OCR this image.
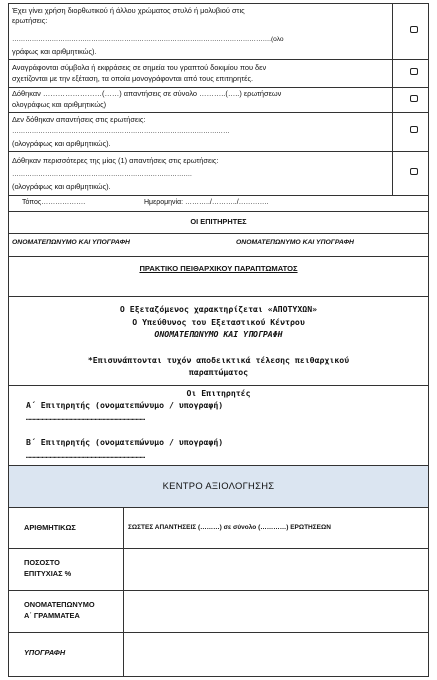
Έχει γίνει χρήση διορθωτικού ή άλλου χρώματος στυλό ή μολυβιού στις
ερωτήσεις:
……………………………………………………………………………………………………….(ολο
γράφως και αριθμητικώς).
Αναγράφονται σύμβολα ή εκφράσεις σε σημεία του γραπτού δοκιμίου που δεν
σχετίζονται με την εξέταση, τα οποία μονογράφονται από τους επιτηρητές.
Δόθηκαν ……………………(……) απαντήσεις σε σύνολο ………..(…..) ερωτήσεων
ολογράφως και αριθμητικώς)
Δεν δόθηκαν απαντήσεις στις ερωτήσεις:
………………………………………………………………………………………
(ολογράφως και αριθμητικώς).
Δόθηκαν περισσότερες της μίας (1) απαντήσεις στις ερωτήσεις:
……………………………………………………………………….
(ολογράφως και αριθμητικώς).
Τόπος……………….	Ημερομηνία: ………../………../………….
ΟΙ ΕΠΙΤΗΡΗΤΕΣ
ΟΝΟΜΑΤΕΠΩΝΥΜΟ ΚΑΙ ΥΠΟΓΡΑΦΗ	ΟΝΟΜΑΤΕΠΩΝΥΜΟ ΚΑΙ ΥΠΟΓΡΑΦΗ
ΠΡΑΚΤΙΚΟ ΠΕΙΘΑΡΧΙΚΟΥ ΠΑΡΑΠΤΩΜΑΤΟΣ
Ο Εξεταζόμενος χαρακτηρίζεται «ΑΠΟΤΥΧΩΝ»
Ο Υπεύθυνος του Εξεταστικού Κέντρου
ΟΝΟΜΑΤΕΠΩΝΥΜΟ ΚΑΙ ΥΠΟΓΡΑΦΗ
*Επισυνάπτονται τυχόν αποδεικτικά τέλεσης πειθαρχικού
παραπτώματος
Οι Επιτηρητές
Α΄ Επιτηρητής (ονοματεπώνυμο / υπογραφή)
………………………………………………………………………………
Β΄ Επιτηρητής (ονοματεπώνυμο / υπογραφή)
………………………………………………………………………………
ΚΕΝΤΡΟ ΑΞΙΟΛΟΓΗΣΗΣ
ΑΡΙΘΜΗΤΙΚΩΣ	ΣΩΣΤΕΣ ΑΠΑΝΤΗΣΕΙΣ (………) σε σύνολο (…………) ΕΡΩΤΗΣΕΩΝ
ΠΟΣΟΣΤΟ
ΕΠΙΤΥΧΙΑΣ %
ΟΝΟΜΑΤΕΠΩΝΥΜΟ
Α΄ ΓΡΑΜΜΑΤΕΑ
ΥΠΟΓΡΑΦΗ
